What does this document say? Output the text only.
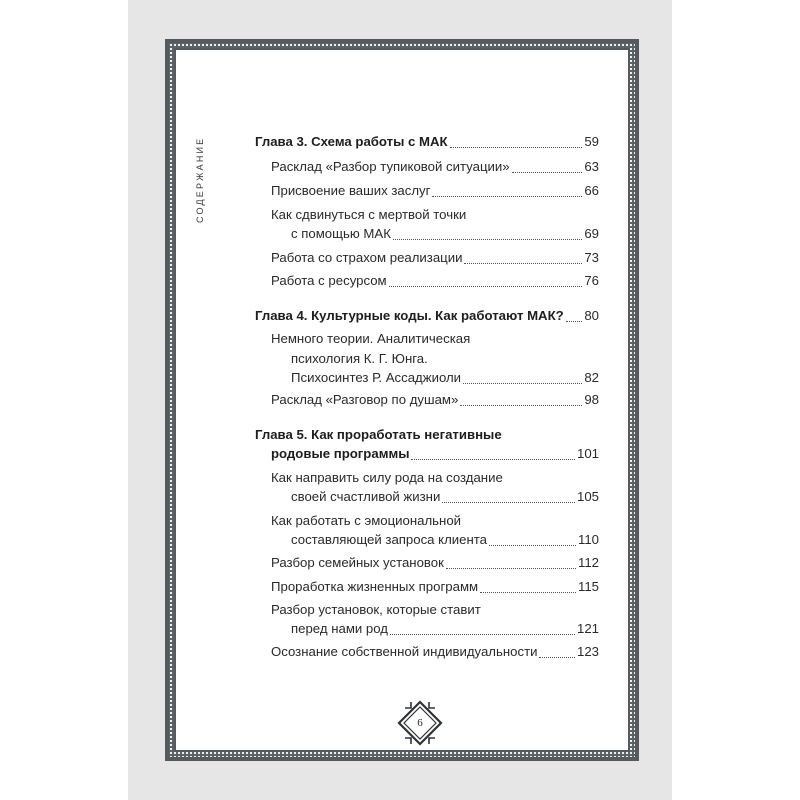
СОДЕРЖАНИЕ	Глава 3. Схема работы с МАК	59
Расклад «Разбор тупиковой ситуации»	63
Присвоение ваших заслуг	66
Как сдвинуться с мертвой точки
с помощью МАК	69
Работа со страхом реализации	73
Работа с ресурсом	76
Глава 4. Культурные коды. Как работают МАК? 80
Немного теории. Аналитическая
психология К. Г. Юнга.
Психосинтез Р. Ассаджиоли	82
Расклад «Разговор по душам»	98
Глава 5. Как проработать негативные
родовые программы	101
Как направить силу рода на создание
своей счастливой жизни	105
Как работать с эмоциональной
составляющей запроса клиента	110
Разбор семейных установок	112
Проработка жизненных программ	115
Разбор установок, которые ставит
перед нами род	121
Осознание собственной индивидуальности	123
6
